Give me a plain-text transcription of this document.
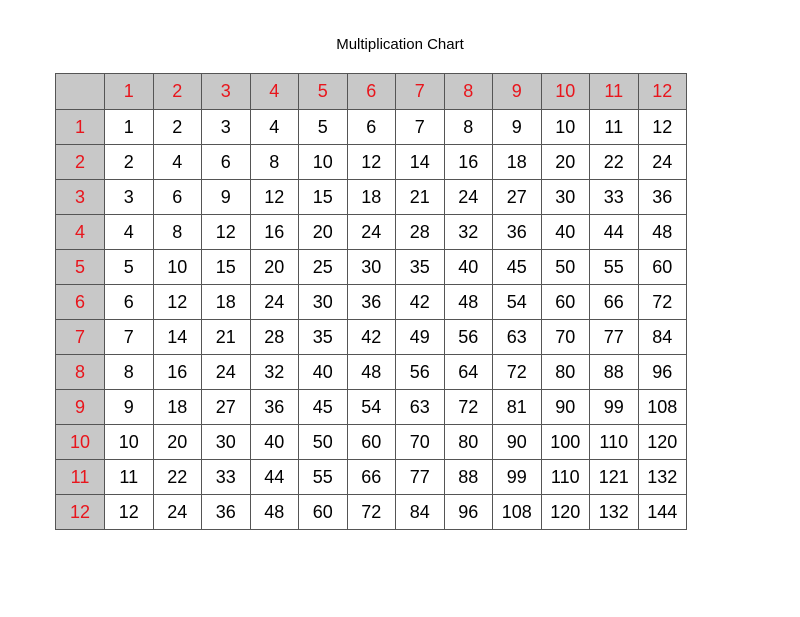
Multiplication Chart
	1	2	3	4	5	6	7	8	9	10	11	12
1	1	2	3	4	5	6	7	8	9	10	11	12
2	2	4	6	8	10	12	14	16	18	20	22	24
3	3	6	9	12	15	18	21	24	27	30	33	36
4	4	8	12	16	20	24	28	32	36	40	44	48
5	5	10	15	20	25	30	35	40	45	50	55	60
6	6	12	18	24	30	36	42	48	54	60	66	72
7	7	14	21	28	35	42	49	56	63	70	77	84
8	8	16	24	32	40	48	56	64	72	80	88	96
9	9	18	27	36	45	54	63	72	81	90	99	108
10	10	20	30	40	50	60	70	80	90	100	110	120
11	11	22	33	44	55	66	77	88	99	110	121	132
12	12	24	36	48	60	72	84	96	108	120	132	144
